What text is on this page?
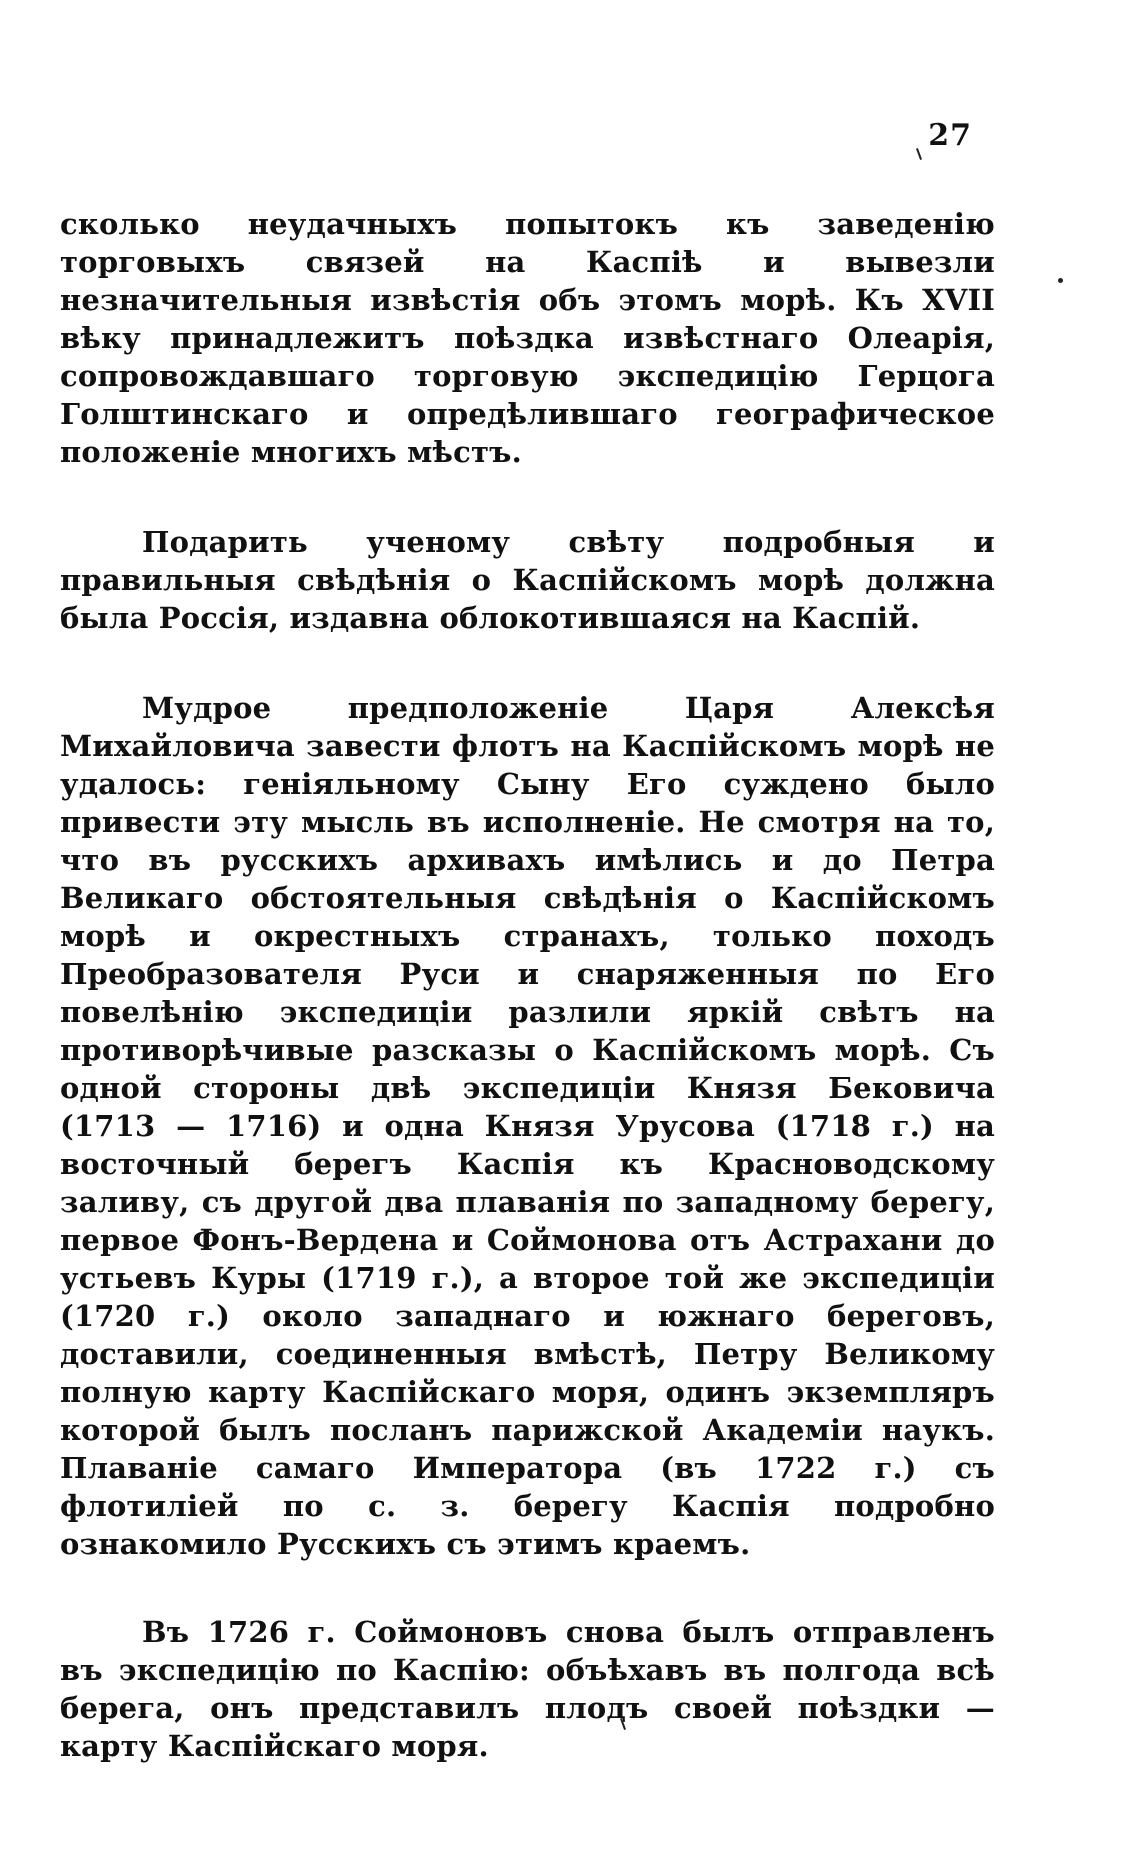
27

сколько неудачныхъ попытокъ къ заведенію торговыхъ связей на Каспіѣ и вывезли незначительныя извѣстія объ этомъ морѣ. Къ XVII вѣку принадлежитъ поѣздка извѣстнаго Олеарія, сопровождавшаго торговую экспедицію Герцога Голштинскаго и опредѣлившаго географическое положеніе многихъ мѣстъ.

Подарить ученому свѣту подробныя и правильныя свѣдѣнія о Каспійскомъ морѣ должна была Россія, издавна облокотившаяся на Каспій.

Мудрое предположеніе Царя Алексѣя Михайловича завести флотъ на Каспійскомъ морѣ не удалось: геніяльному Сыну Его суждено было привести эту мысль въ исполненіе. Не смотря на то, что въ русскихъ архивахъ имѣлись и до Петра Великаго обстоятельныя свѣдѣнія о Каспійскомъ морѣ и окрестныхъ странахъ, только походъ Преобразователя Руси и снаряженныя по Его повелѣнію экспедиціи разлили яркій свѣтъ на противорѣчивые разсказы о Каспійскомъ морѣ. Съ одной стороны двѣ экспедиціи Князя Бековича (1713 — 1716) и одна Князя Урусова (1718 г.) на восточный берегъ Каспія къ Красноводскому заливу, съ другой два плаванія по западному берегу, первое Фонъ-Вердена и Соймонова отъ Астрахани до устьевъ Куры (1719 г.), а второе той же экспедиціи (1720 г.) около западнаго и южнаго береговъ, доставили, соединенныя вмѣстѣ, Петру Великому полную карту Каспійскаго моря, одинъ экземпляръ которой былъ посланъ парижской Академіи наукъ. Плаваніе самаго Императора (въ 1722 г.) съ флотиліей по с. з. берегу Каспія подробно ознакомило Русскихъ съ этимъ краемъ.

Въ 1726 г. Соймоновъ снова былъ отправленъ въ экспедицію по Каспію: объѣхавъ въ полгода всѣ берега, онъ представилъ плодъ своей поѣздки — карту Каспійскаго моря.
